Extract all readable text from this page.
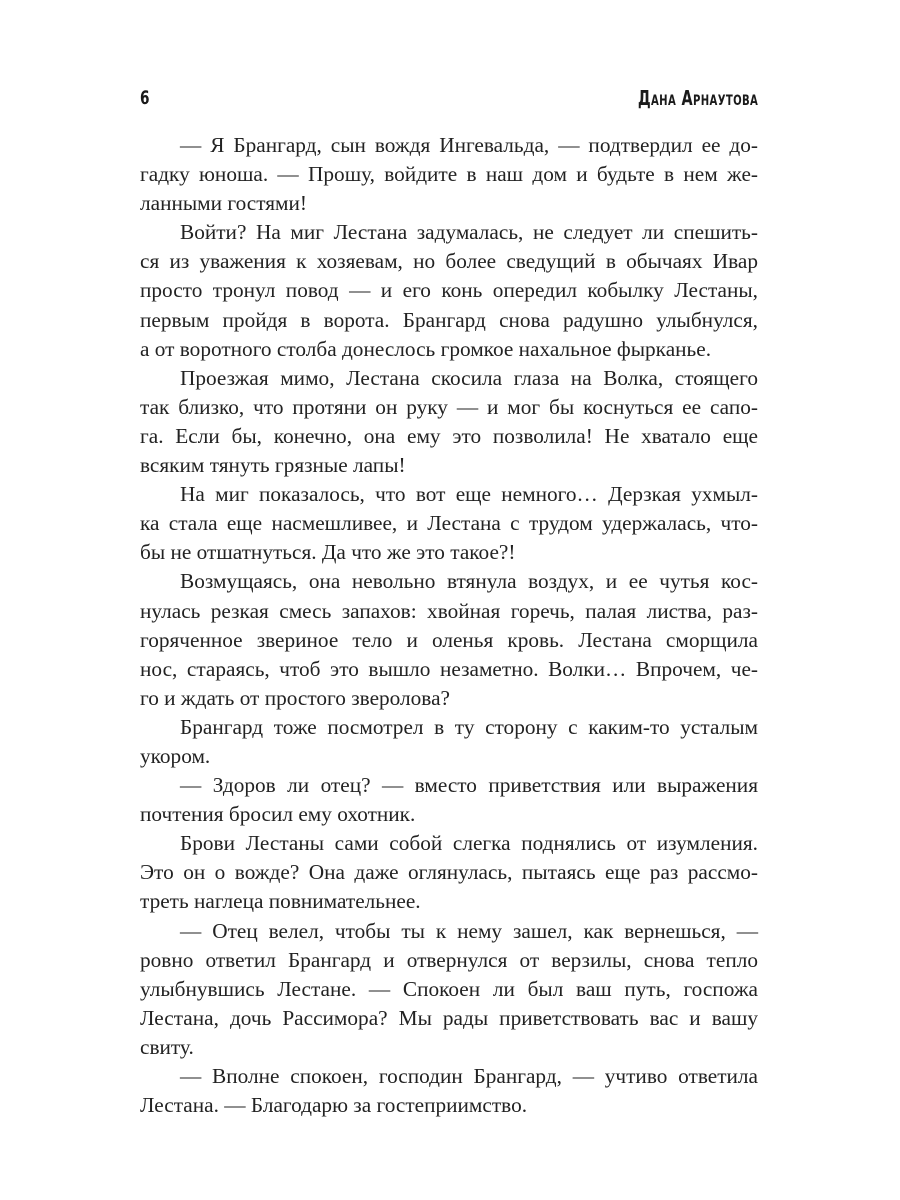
6	Дана Арнаутова
— Я Брангард, сын вождя Ингевальда, — подтвердил ее до-
гадку юноша. — Прошу, войдите в наш дом и будьте в нем же-
ланными гостями!
Войти? На миг Лестана задумалась, не следует ли спешить-
ся из уважения к хозяевам, но более сведущий в обычаях Ивар
просто тронул повод — и его конь опередил кобылку Лестаны,
первым пройдя в ворота. Брангард снова радушно улыбнулся,
а от воротного столба донеслось громкое нахальное фырканье.
Проезжая мимо, Лестана скосила глаза на Волка, стоящего
так близко, что протяни он руку — и мог бы коснуться ее сапо-
га. Если бы, конечно, она ему это позволила! Не хватало еще
всяким тянуть грязные лапы!
На миг показалось, что вот еще немного… Дерзкая ухмыл-
ка стала еще насмешливее, и Лестана с трудом удержалась, что-
бы не отшатнуться. Да что же это такое?!
Возмущаясь, она невольно втянула воздух, и ее чутья кос-
нулась резкая смесь запахов: хвойная горечь, палая листва, раз-
горяченное звериное тело и оленья кровь. Лестана сморщила
нос, стараясь, чтоб это вышло незаметно. Волки… Впрочем, че-
го и ждать от простого зверолова?
Брангард тоже посмотрел в ту сторону с каким-то усталым
укором.
— Здоров ли отец? — вместо приветствия или выражения
почтения бросил ему охотник.
Брови Лестаны сами собой слегка поднялись от изумления.
Это он о вожде? Она даже оглянулась, пытаясь еще раз рассмо-
треть наглеца повнимательнее.
— Отец велел, чтобы ты к нему зашел, как вернешься, —
ровно ответил Брангард и отвернулся от верзилы, снова тепло
улыбнувшись Лестане. — Спокоен ли был ваш путь, госпожа
Лестана, дочь Рассимора? Мы рады приветствовать вас и вашу
свиту.
— Вполне спокоен, господин Брангард, — учтиво ответила
Лестана. — Благодарю за гостеприимство.
